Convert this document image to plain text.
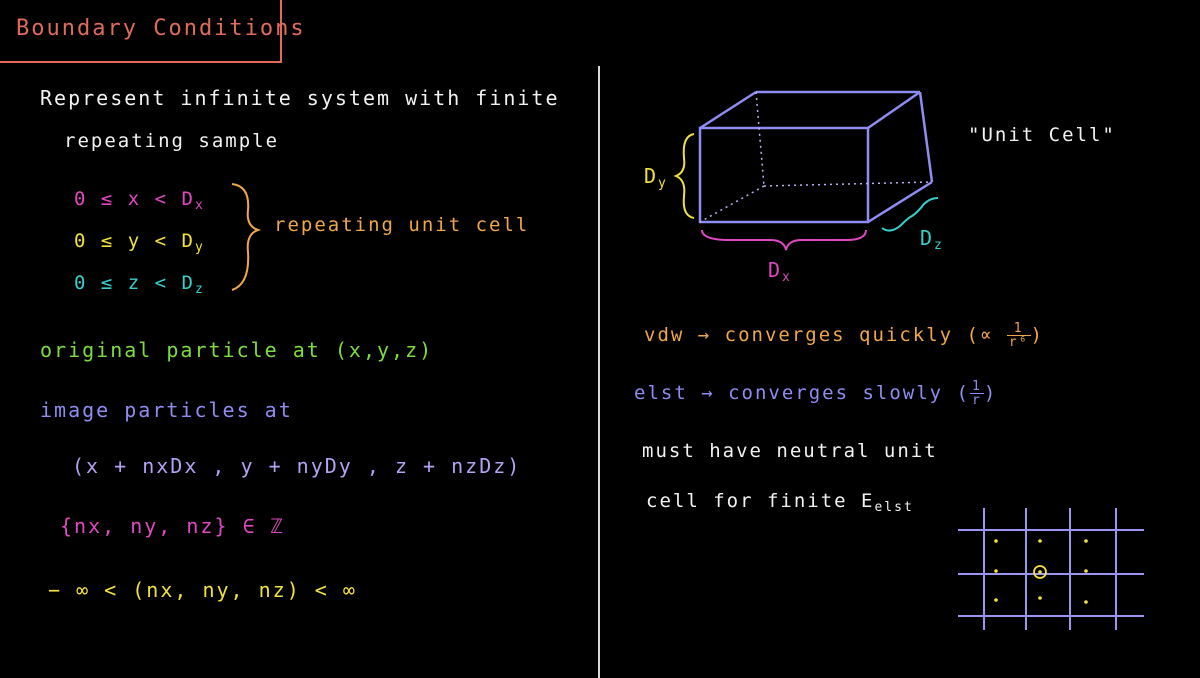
Boundary Conditions
Represent infinite system with finite
repeating sample
$0 \le x < D_x$
$0 \le y < D_y$
$0 \le z < D_z$
repeating unit cell
original particle at (x,y,z)
image particles at
(x + nxDx , y + nyDy , z + nzDz)
{nx, ny, nz} ∈ ℤ
− ∞ < (nx, ny, nz) < ∞
"Unit Cell"
$D_y$
$D_x$
$D_z$
vdw → converges quickly (∝ $\frac{1}{\text{r⁶}}$ )
elst → converges slowly ( $\frac{1}{r}$ )
must have neutral unit
cell for finite $E_{elst}$
